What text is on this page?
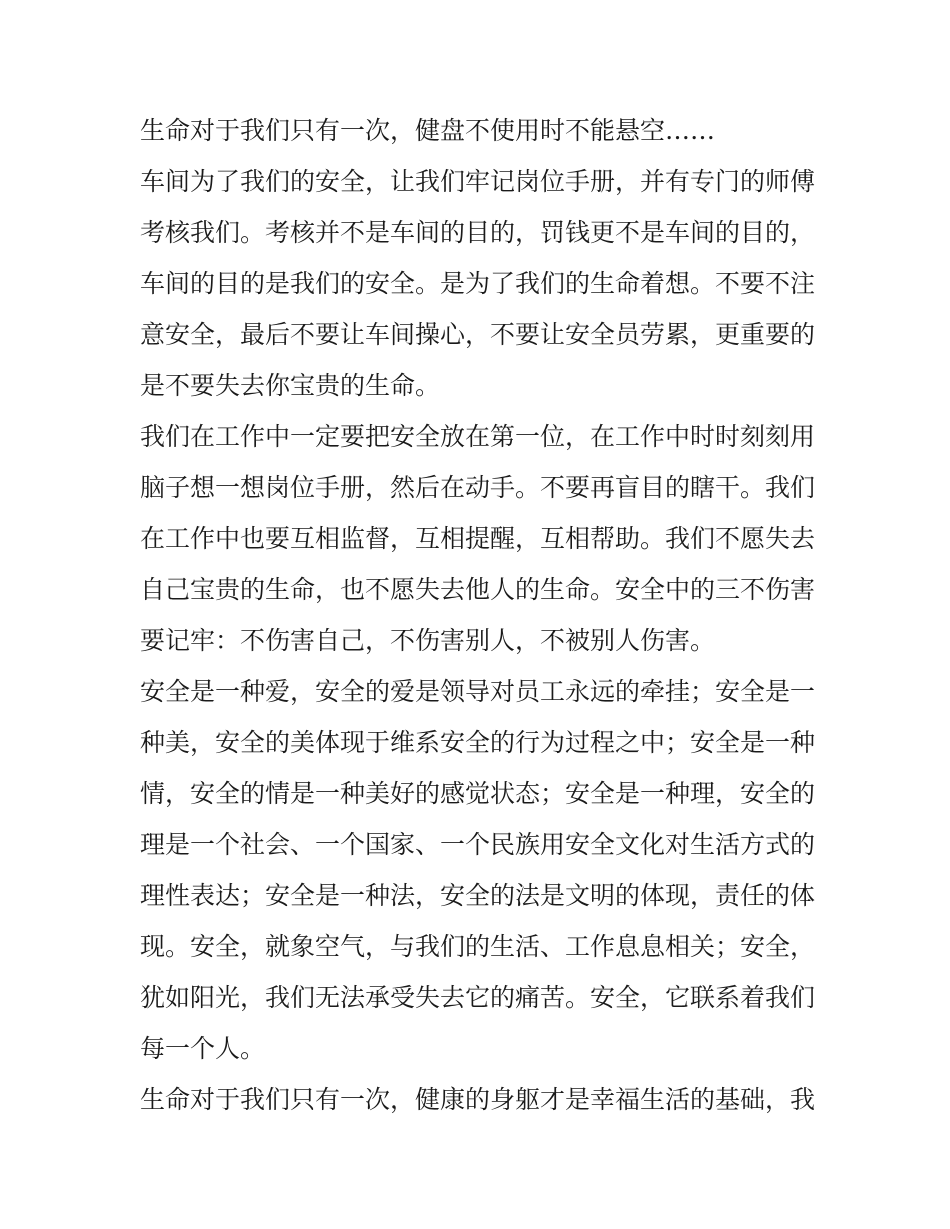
生命对于我们只有一次，健盘不使用时不能悬空……
车间为了我们的安全，让我们牢记岗位手册，并有专门的师傅
考核我们。考核并不是车间的目的，罚钱更不是车间的目的，
车间的目的是我们的安全。是为了我们的生命着想。不要不注
意安全，最后不要让车间操心，不要让安全员劳累，更重要的
是不要失去你宝贵的生命。
我们在工作中一定要把安全放在第一位，在工作中时时刻刻用
脑子想一想岗位手册，然后在动手。不要再盲目的瞎干。我们
在工作中也要互相监督，互相提醒，互相帮助。我们不愿失去
自己宝贵的生命，也不愿失去他人的生命。安全中的三不伤害
要记牢：不伤害自己，不伤害别人，不被别人伤害。
安全是一种爱，安全的爱是领导对员工永远的牵挂；安全是一
种美，安全的美体现于维系安全的行为过程之中；安全是一种
情，安全的情是一种美好的感觉状态；安全是一种理，安全的
理是一个社会、一个国家、一个民族用安全文化对生活方式的
理性表达；安全是一种法，安全的法是文明的体现，责任的体
现。安全，就象空气，与我们的生活、工作息息相关；安全，
犹如阳光，我们无法承受失去它的痛苦。安全，它联系着我们
每一个人。
生命对于我们只有一次，健康的身躯才是幸福生活的基础，我
